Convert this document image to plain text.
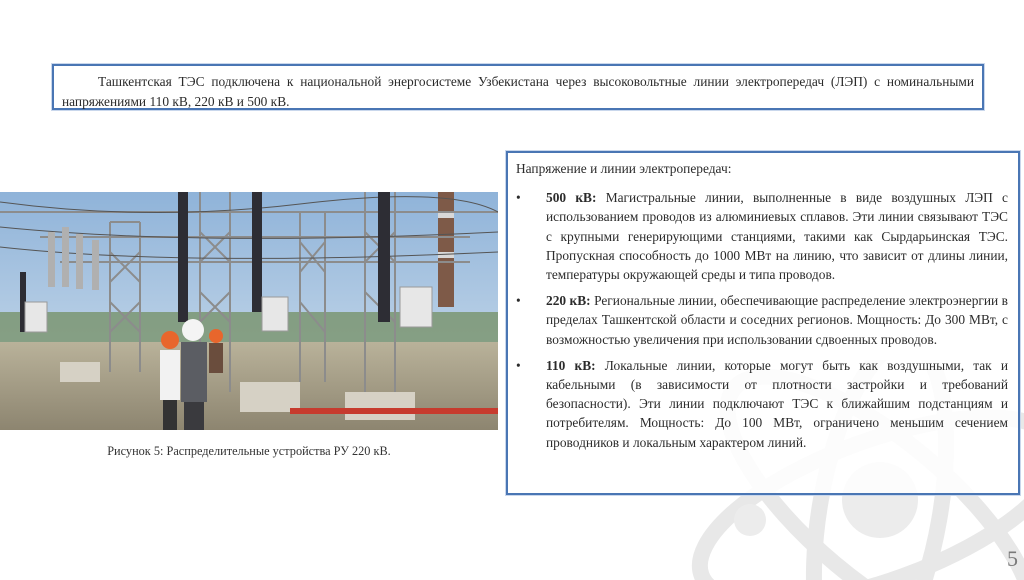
Ташкентская ТЭС подключена к национальной энергосистеме Узбекистана через высоковольтные линии электропередач (ЛЭП) с номинальными напряжениями 110 кВ, 220 кВ и 500 кВ.
Рисунок 5: Распределительные устройства РУ 220 кВ.

Напряжение и линии электропередач:

• 500 кВ: Магистральные линии, выполненные в виде воздушных ЛЭП с использованием проводов из алюминиевых сплавов. Эти линии связывают ТЭС с крупными генерирующими станциями, такими как Сырдарьинская ТЭС. Пропускная способность до 1000 МВт на линию, что зависит от длины линии, температуры окружающей среды и типа проводов.
• 220 кВ: Региональные линии, обеспечивающие распределение электроэнергии в пределах Ташкентской области и соседних регионов. Мощность: До 300 МВт, с возможностью увеличения при использовании сдвоенных проводов.
• 110 кВ: Локальные линии, которые могут быть как воздушными, так и кабельными (в зависимости от плотности застройки и требований безопасности). Эти линии подключают ТЭС к ближайшим подстанциям и потребителям. Мощность: До 100 МВт, ограничено меньшим сечением проводников и локальным характером линий.
5
